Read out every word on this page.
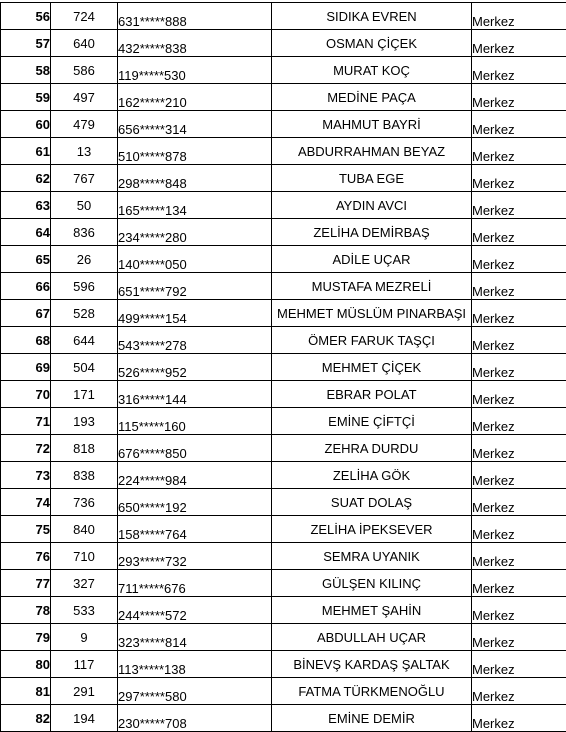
56	724	631*****888	SIDIKA EVREN	Merkez
57	640	432*****838	OSMAN ÇİÇEK	Merkez
58	586	119*****530	MURAT KOÇ	Merkez
59	497	162*****210	MEDİNE PAÇA	Merkez
60	479	656*****314	MAHMUT BAYRİ	Merkez
61	13	510*****878	ABDURRAHMAN BEYAZ	Merkez
62	767	298*****848	TUBA EGE	Merkez
63	50	165*****134	AYDIN AVCI	Merkez
64	836	234*****280	ZELİHA DEMİRBAŞ	Merkez
65	26	140*****050	ADİLE UÇAR	Merkez
66	596	651*****792	MUSTAFA MEZRELİ	Merkez
67	528	499*****154	MEHMET MÜSLÜM PINARBAŞI	Merkez
68	644	543*****278	ÖMER FARUK TAŞÇI	Merkez
69	504	526*****952	MEHMET ÇİÇEK	Merkez
70	171	316*****144	EBRAR POLAT	Merkez
71	193	115*****160	EMİNE ÇİFTÇİ	Merkez
72	818	676*****850	ZEHRA DURDU	Merkez
73	838	224*****984	ZELİHA GÖK	Merkez
74	736	650*****192	SUAT DOLAŞ	Merkez
75	840	158*****764	ZELİHA İPEKSEVER	Merkez
76	710	293*****732	SEMRA UYANIK	Merkez
77	327	711*****676	GÜLŞEN KILINÇ	Merkez
78	533	244*****572	MEHMET ŞAHİN	Merkez
79	9	323*****814	ABDULLAH UÇAR	Merkez
80	117	113*****138	BİNEVŞ KARDAŞ ŞALTAK	Merkez
81	291	297*****580	FATMA TÜRKMENOĞLU	Merkez
82	194	230*****708	EMİNE DEMİR	Merkez
